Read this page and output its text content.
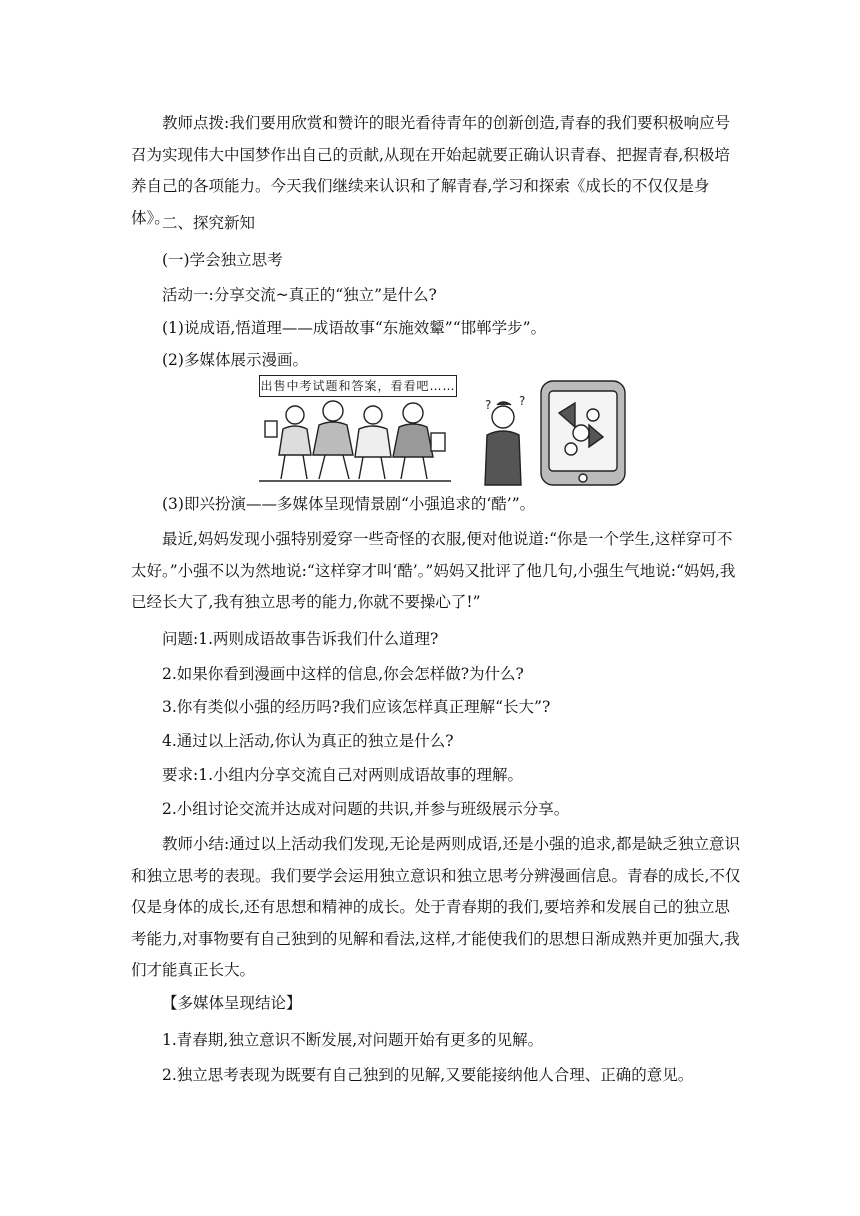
教师点拨:我们要用欣赏和赞许的眼光看待青年的创新创造,青春的我们要积极响应号召为实现伟大中国梦作出自己的贡献,从现在开始起就要正确认识青春、把握青春,积极培养自己的各项能力。今天我们继续来认识和了解青春,学习和探索《成长的不仅仅是身体》。

二、探究新知

(一)学会独立思考

活动一:分享交流~真正的“独立”是什么?

(1)说成语,悟道理——成语故事“东施效颦”“邯郸学步”。

(2)多媒体展示漫画。

出售中考试题和答案，看看吧……
? ?

(3)即兴扮演——多媒体呈现情景剧“小强追求的‘酷’”。

最近,妈妈发现小强特别爱穿一些奇怪的衣服,便对他说道:“你是一个学生,这样穿可不太好。”小强不以为然地说:“这样穿才叫‘酷’。”妈妈又批评了他几句,小强生气地说:“妈妈,我已经长大了,我有独立思考的能力,你就不要操心了!”

问题:1.两则成语故事告诉我们什么道理?

2.如果你看到漫画中这样的信息,你会怎样做?为什么?

3.你有类似小强的经历吗?我们应该怎样真正理解“长大”?

4.通过以上活动,你认为真正的独立是什么?

要求:1.小组内分享交流自己对两则成语故事的理解。

2.小组讨论交流并达成对问题的共识,并参与班级展示分享。

教师小结:通过以上活动我们发现,无论是两则成语,还是小强的追求,都是缺乏独立意识和独立思考的表现。我们要学会运用独立意识和独立思考分辨漫画信息。青春的成长,不仅仅是身体的成长,还有思想和精神的成长。处于青春期的我们,要培养和发展自己的独立思考能力,对事物要有自己独到的见解和看法,这样,才能使我们的思想日渐成熟并更加强大,我们才能真正长大。

【多媒体呈现结论】

1.青春期,独立意识不断发展,对问题开始有更多的见解。

2.独立思考表现为既要有自己独到的见解,又要能接纳他人合理、正确的意见。
